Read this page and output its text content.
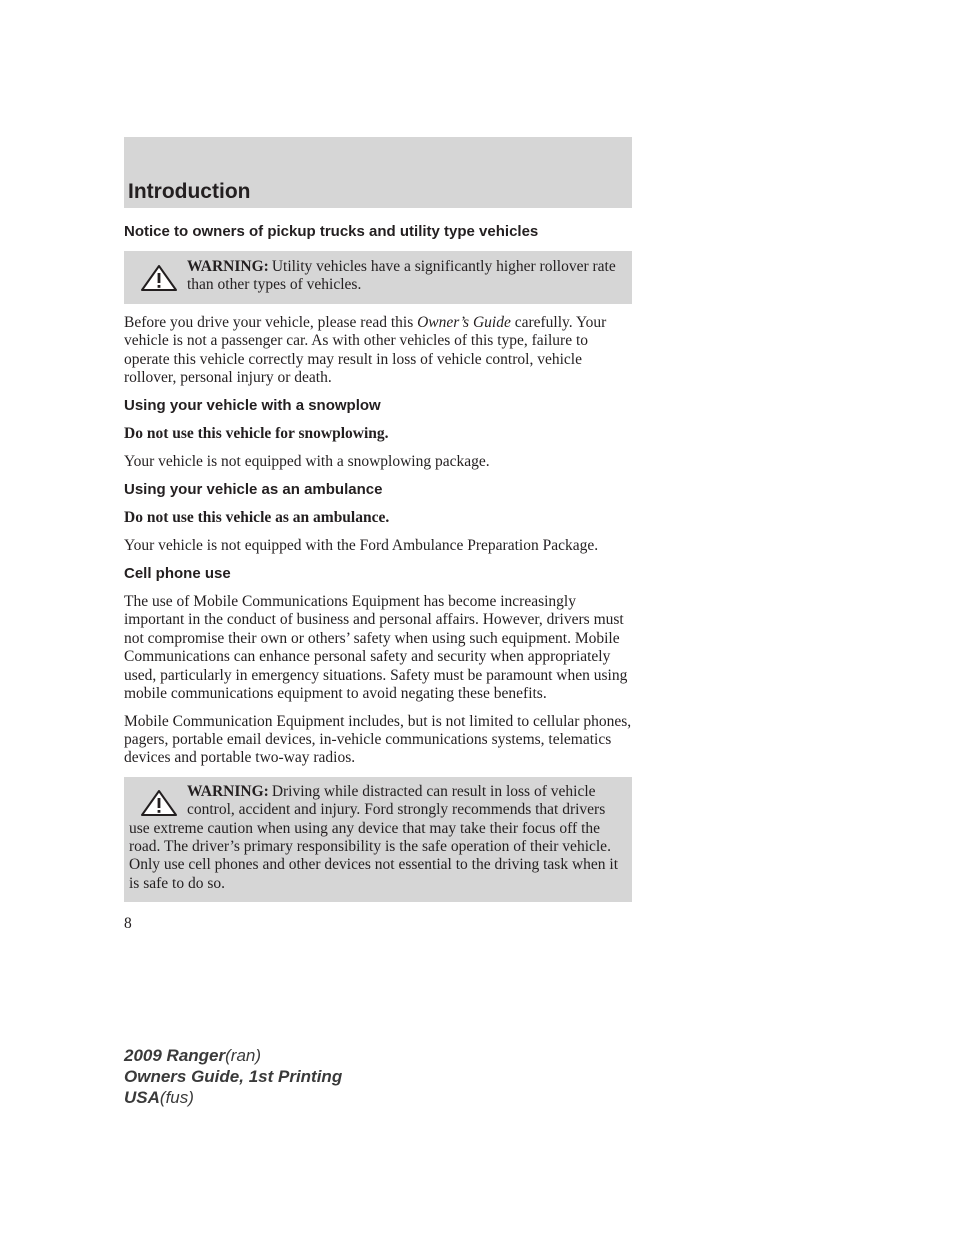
Introduction
Notice to owners of pickup trucks and utility type vehicles
WARNING: Utility vehicles have a significantly higher rollover rate than other types of vehicles.

Before you drive your vehicle, please read this Owner’s Guide carefully. Your vehicle is not a passenger car. As with other vehicles of this type, failure to operate this vehicle correctly may result in loss of vehicle control, vehicle rollover, personal injury or death.

Using your vehicle with a snowplow

Do not use this vehicle for snowplowing.

Your vehicle is not equipped with a snowplowing package.

Using your vehicle as an ambulance

Do not use this vehicle as an ambulance.

Your vehicle is not equipped with the Ford Ambulance Preparation Package.

Cell phone use

The use of Mobile Communications Equipment has become increasingly important in the conduct of business and personal affairs. However, drivers must not compromise their own or others’ safety when using such equipment. Mobile Communications can enhance personal safety and security when appropriately used, particularly in emergency situations. Safety must be paramount when using mobile communications equipment to avoid negating these benefits.

Mobile Communication Equipment includes, but is not limited to cellular phones, pagers, portable email devices, in-vehicle communications systems, telematics devices and portable two-way radios.

WARNING: Driving while distracted can result in loss of vehicle control, accident and injury. Ford strongly recommends that drivers use extreme caution when using any device that may take their focus off the road. The driver’s primary responsibility is the safe operation of their vehicle. Only use cell phones and other devices not essential to the driving task when it is safe to do so.
8
2009 Ranger(ran)
Owners Guide, 1st Printing
USA(fus)
